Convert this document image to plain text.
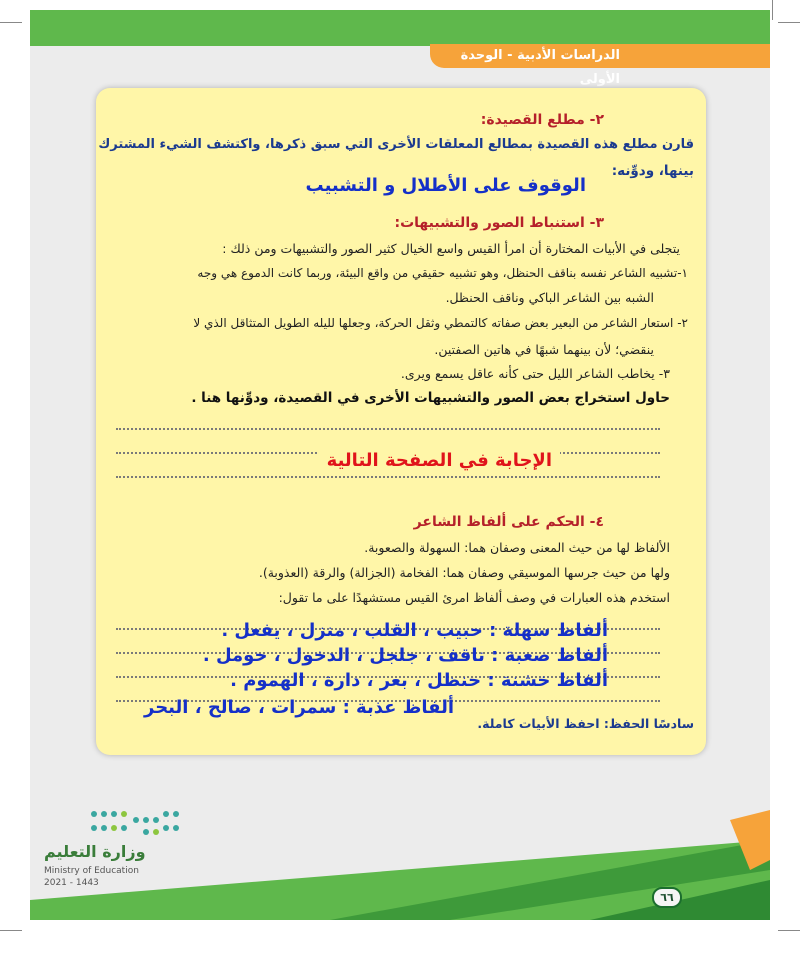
الدراسات الأدبية - الوحدة الأولى
٢- مطلع القصيدة:
قارن مطلع هذه القصيدة بمطالع المعلقات الأخرى التي سبق ذكرها، واكتشف الشيء المشترك
بينها، ودوِّنه:
الوقوف على الأطلال و التشبيب
٣- استنباط الصور والتشبيهات:
يتجلى في الأبيات المختارة أن امرأ القيس واسع الخيال كثير الصور والتشبيهات ومن ذلك :
١-تشبيه الشاعر نفسه بناقف الحنظل، وهو تشبيه حقيقي من واقع البيئة، وربما كانت الدموع هي وجه
الشبه بين الشاعر الباكي وناقف الحنظل.
٢- استعار الشاعر من البعير بعض صفاته كالتمطي وثقل الحركة، وجعلها لليله الطويل المتثاقل الذي لا
ينقضي؛ لأن بينهما شبهًا في هاتين الصفتين.
٣- يخاطب الشاعر الليل حتى كأنه عاقل يسمع ويرى.
حاول استخراج بعض الصور والتشبيهات الأخرى في القصيدة، ودوِّنها هنا .
الإجابة في الصفحة التالية
٤- الحكم على ألفاظ الشاعر
الألفاظ لها من حيث المعنى وصفان هما: السهولة والصعوبة.
ولها من حيث جرسها الموسيقي وصفان هما: الفخامة (الجزالة) والرقة (العذوبة).
استخدم هذه العبارات في وصف ألفاظ امرئ القيس مستشهدًا على ما تقول:
ألفاظ سهلة : حبيب ، القلب ، منزل ، يفعل .
ألفاظ صعبة : ناقف ، جلجل ، الدخول ، حومل .
ألفاظ خشنة : حنظل ، بعر ، دارة ، الهموم .
سادسًا الحفظ: احفظ الأبيات كاملة.
ألفاظ عذبة : سمرات ، صالح ، البحر
وزارة التعليم
Ministry of Education
2021 - 1443
٦٦
